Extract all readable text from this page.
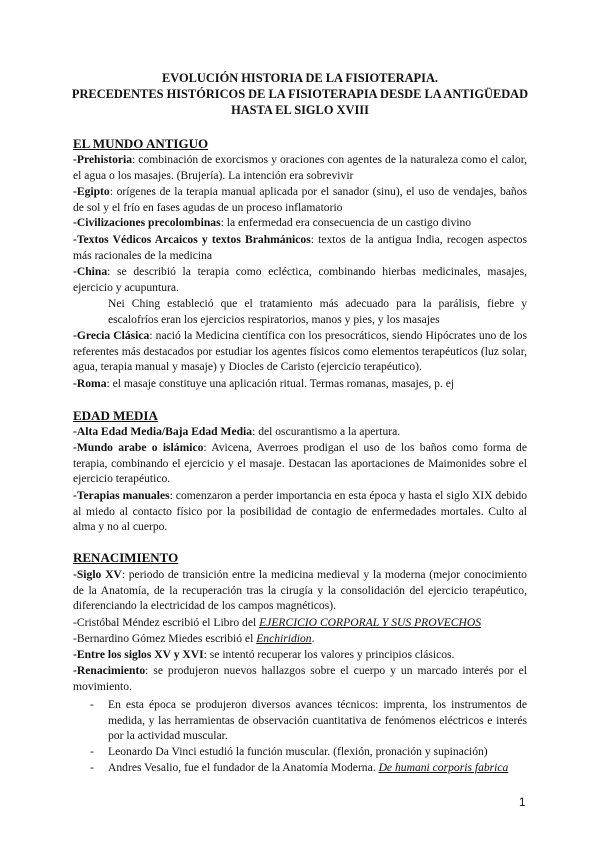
EVOLUCIÓN HISTORIA DE LA FISIOTERAPIA.
PRECEDENTES HISTÓRICOS DE LA FISIOTERAPIA DESDE LA ANTIGÜEDAD
HASTA EL SIGLO XVIII
EL MUNDO ANTIGUO
-Prehistoria: combinación de exorcismos y oraciones con agentes de la naturaleza como el calor, el agua o los masajes. (Brujería). La intención era sobrevivir
-Egipto: orígenes de la terapia manual aplicada por el sanador (sinu), el uso de vendajes, baños de sol y el frío en fases agudas de un proceso inflamatorio
-Civilizaciones precolombinas: la enfermedad era consecuencia de un castigo divino
-Textos Védicos Arcaicos y textos Brahmánicos: textos de la antigua India, recogen aspectos más racionales de la medicina
-China: se describió la terapia como ecléctica, combinando hierbas medicinales, masajes, ejercicio y acupuntura.
Nei Ching estableció que el tratamiento más adecuado para la parálisis, fiebre y escalofríos eran los ejercicios respiratorios, manos y pies, y los masajes
-Grecia Clásica: nació la Medicina científica con los presocráticos, siendo Hipócrates uno de los referentes más destacados por estudiar los agentes físicos como elementos terapéuticos (luz solar, agua, terapia manual y masaje) y Diocles de Caristo (ejercicio terapéutico).
-Roma: el masaje constituye una aplicación ritual. Termas romanas, masajes, p. ej
EDAD MEDIA
-Alta Edad Media/Baja Edad Media: del oscurantismo a la apertura.
-Mundo arabe o islámico: Avicena, Averroes prodigan el uso de los baños como forma de terapia, combinando el ejercicio y el masaje. Destacan las aportaciones de Maimonides sobre el ejercicio terapéutico.
-Terapias manuales: comenzaron a perder importancia en esta época y hasta el siglo XIX debido al miedo al contacto físico por la posibilidad de contagio de enfermedades mortales. Culto al alma y no al cuerpo.
RENACIMIENTO
-Siglo XV: periodo de transición entre la medicina medieval y la moderna (mejor conocimiento de la Anatomía, de la recuperación tras la cirugía y la consolidación del ejercicio terapéutico, diferenciando la electricidad de los campos magnéticos).
-Cristóbal Méndez escribió el Libro del EJERCICIO CORPORAL Y SUS PROVECHOS
-Bernardino Gómez Miedes escribió el Enchiridion.
-Entre los siglos XV y XVI: se intentó recuperar los valores y principios clásicos.
-Renacimiento: se produjeron nuevos hallazgos sobre el cuerpo y un marcado interés por el movimiento.
- En esta época se produjeron diversos avances técnicos: imprenta, los instrumentos de medida, y las herramientas de observación cuantitativa de fenómenos eléctricos e interés por la actividad muscular.
- Leonardo Da Vinci estudió la función muscular. (flexión, pronación y supinación)
- Andres Vesalio, fue el fundador de la Anatomía Moderna. De humani corporis fabrica
1
